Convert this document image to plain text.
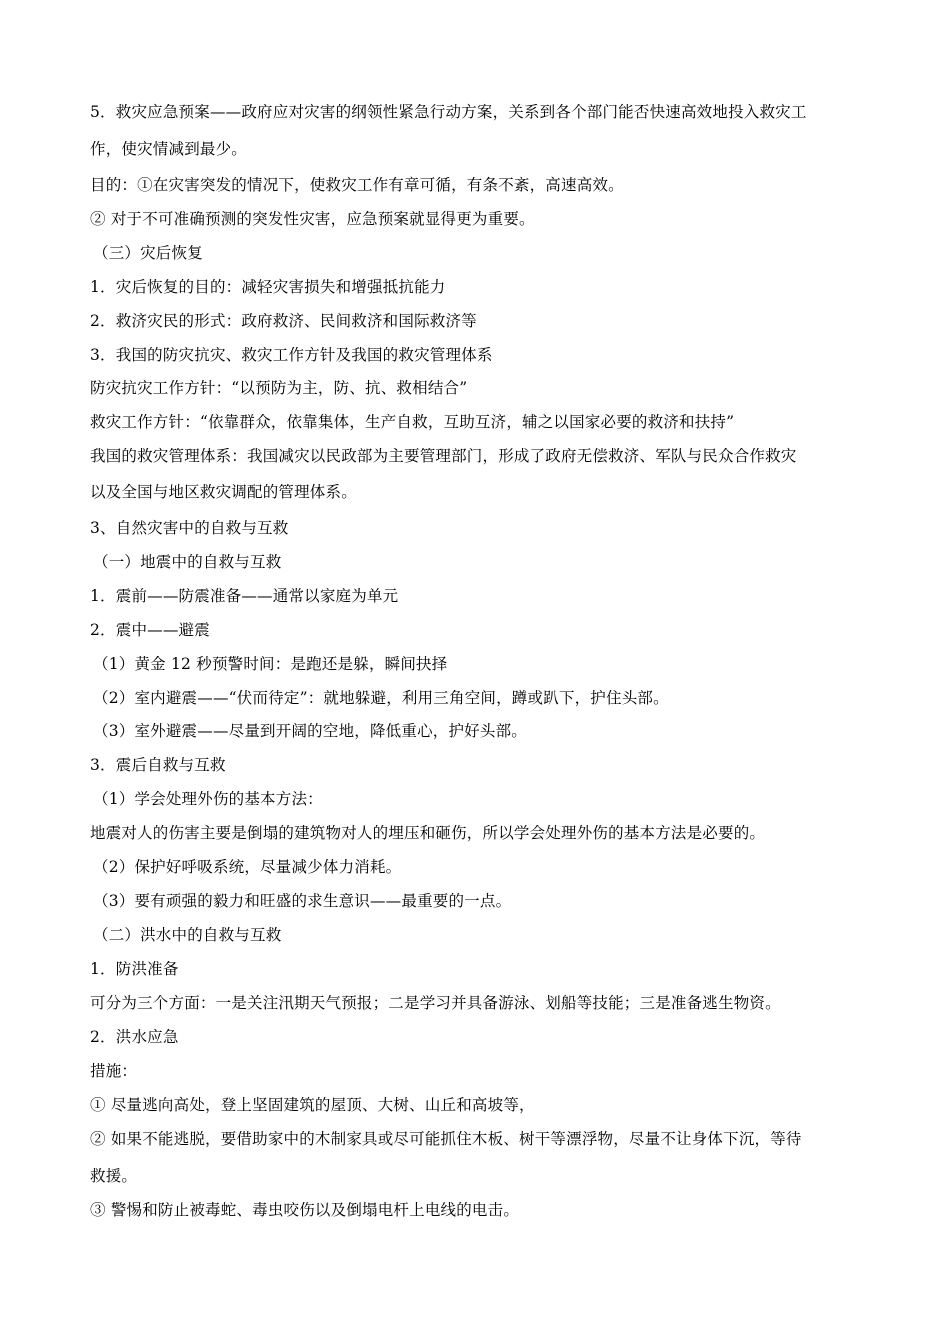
5．救灾应急预案——政府应对灾害的纲领性紧急行动方案，关系到各个部门能否快速高效地投入救灾工
作，使灾情减到最少。
目的：①在灾害突发的情况下，使救灾工作有章可循，有条不紊，高速高效。
② 对于不可准确预测的突发性灾害，应急预案就显得更为重要。
（三）灾后恢复
1．灾后恢复的目的：减轻灾害损失和增强抵抗能力
2．救济灾民的形式：政府救济、民间救济和国际救济等
3．我国的防灾抗灾、救灾工作方针及我国的救灾管理体系
防灾抗灾工作方针：“以预防为主，防、抗、救相结合”
救灾工作方针：“依靠群众，依靠集体，生产自救，互助互济，辅之以国家必要的救济和扶持”
我国的救灾管理体系：我国减灾以民政部为主要管理部门，形成了政府无偿救济、军队与民众合作救灾
以及全国与地区救灾调配的管理体系。
3、自然灾害中的自救与互救
（一）地震中的自救与互救
1．震前——防震准备——通常以家庭为单元
2．震中——避震
（1）黄金 12 秒预警时间：是跑还是躲，瞬间抉择
（2）室内避震——“伏而待定”：就地躲避，利用三角空间，蹲或趴下，护住头部。
（3）室外避震——尽量到开阔的空地，降低重心，护好头部。
3．震后自救与互救
（1）学会处理外伤的基本方法：
地震对人的伤害主要是倒塌的建筑物对人的埋压和砸伤，所以学会处理外伤的基本方法是必要的。
（2）保护好呼吸系统，尽量减少体力消耗。
（3）要有顽强的毅力和旺盛的求生意识——最重要的一点。
（二）洪水中的自救与互救
1．防洪准备
可分为三个方面：一是关注汛期天气预报；二是学习并具备游泳、划船等技能；三是准备逃生物资。
2．洪水应急
措施：
① 尽量逃向高处，登上坚固建筑的屋顶、大树、山丘和高坡等，
② 如果不能逃脱，要借助家中的木制家具或尽可能抓住木板、树干等漂浮物，尽量不让身体下沉，等待
救援。
③ 警惕和防止被毒蛇、毒虫咬伤以及倒塌电杆上电线的电击。
